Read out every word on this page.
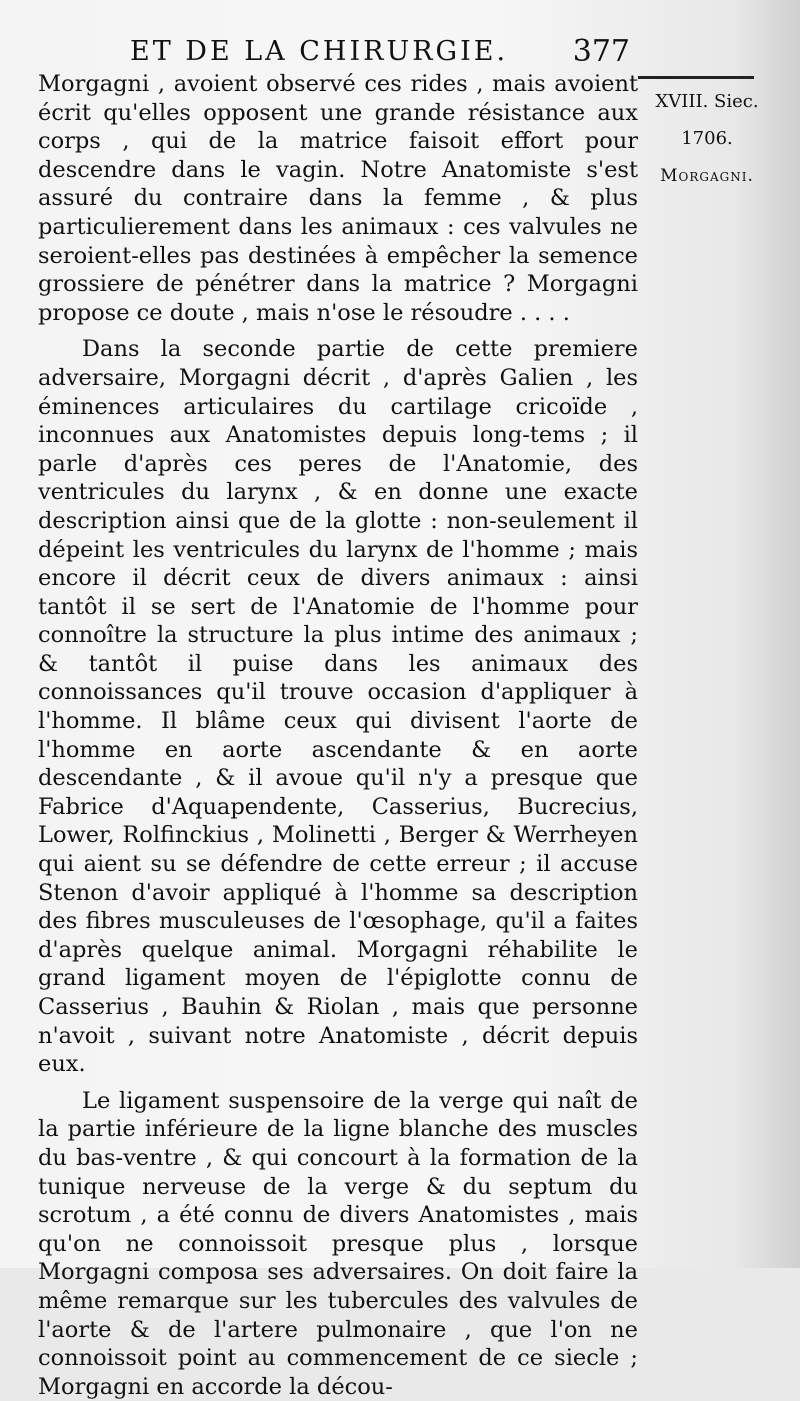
ET DE LA CHIRURGIE. 377
XVIII. Siec.
1706.
Morgagni.

Morgagni , avoient observé ces rides , mais avoient écrit qu'elles opposent une grande résistance aux corps , qui de la matrice faisoit effort pour descendre dans le vagin. Notre Anatomiste s'est assuré du contraire dans la femme , & plus particulierement dans les animaux : ces valvules ne seroient-elles pas destinées à empêcher la semence grossiere de pénétrer dans la matrice ? Morgagni propose ce doute , mais n'ose le résoudre . . . .

Dans la seconde partie de cette premiere adversaire, Morgagni décrit , d'après Galien , les éminences articulaires du cartilage cricoïde , inconnues aux Anatomistes depuis long-tems ; il parle d'après ces peres de l'Anatomie, des ventricules du larynx , & en donne une exacte description ainsi que de la glotte : non-seulement il dépeint les ventricules du larynx de l'homme ; mais encore il décrit ceux de divers animaux : ainsi tantôt il se sert de l'Anatomie de l'homme pour connoître la structure la plus intime des animaux ; & tantôt il puise dans les animaux des connoissances qu'il trouve occasion d'appliquer à l'homme. Il blâme ceux qui divisent l'aorte de l'homme en aorte ascendante & en aorte descendante , & il avoue qu'il n'y a presque que Fabrice d'Aquapendente, Casserius, Bucrecius, Lower, Rolfinckius , Molinetti , Berger & Werrheyen qui aient su se défendre de cette erreur ; il accuse Stenon d'avoir appliqué à l'homme sa description des fibres musculeuses de l'œsophage, qu'il a faites d'après quelque animal. Morgagni réhabilite le grand ligament moyen de l'épiglotte connu de Casserius , Bauhin & Riolan , mais que personne n'avoit , suivant notre Anatomiste , décrit depuis eux.

Le ligament suspensoire de la verge qui naît de la partie inférieure de la ligne blanche des muscles du bas-ventre , & qui concourt à la formation de la tunique nerveuse de la verge & du septum du scrotum , a été connu de divers Anatomistes , mais qu'on ne connoissoit presque plus , lorsque Morgagni composa ses adversaires. On doit faire la même remarque sur les tubercules des valvules de l'aorte & de l'artere pulmonaire , que l'on ne connoissoit point au commencement de ce siecle ; Morgagni en accorde la décou-
